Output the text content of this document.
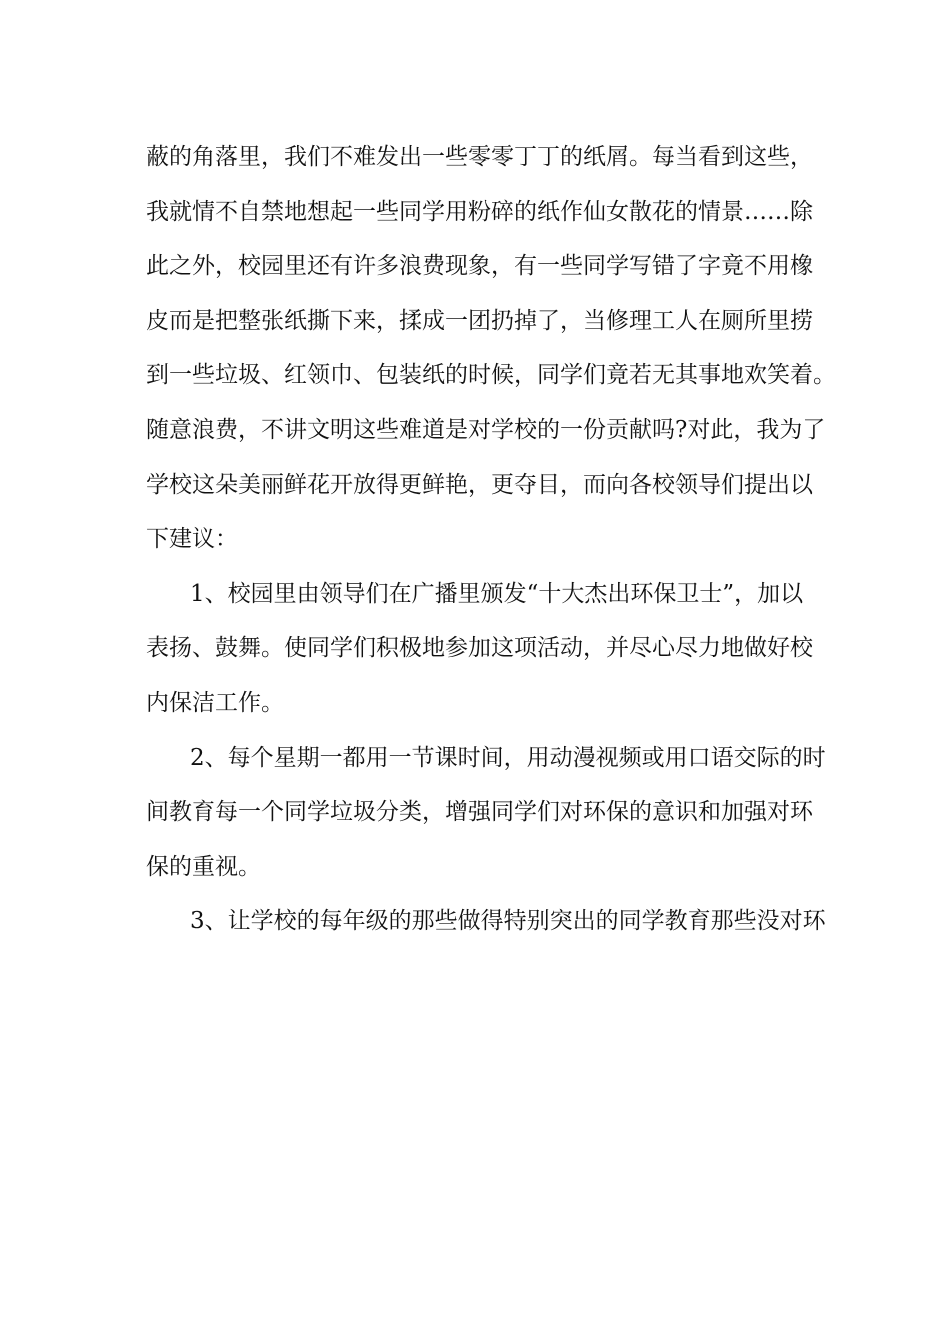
蔽的角落里，我们不难发出一些零零丁丁的纸屑。每当看到这些，
我就情不自禁地想起一些同学用粉碎的纸作仙女散花的情景……除
此之外，校园里还有许多浪费现象，有一些同学写错了字竟不用橡
皮而是把整张纸撕下来，揉成一团扔掉了，当修理工人在厕所里捞
到一些垃圾、红领巾、包装纸的时候，同学们竟若无其事地欢笑着。
随意浪费，不讲文明这些难道是对学校的一份贡献吗?对此，我为了
学校这朵美丽鲜花开放得更鲜艳，更夺目，而向各校领导们提出以
下建议：
1、校园里由领导们在广播里颁发“十大杰出环保卫士”，加以
表扬、鼓舞。使同学们积极地参加这项活动，并尽心尽力地做好校
内保洁工作。
2、每个星期一都用一节课时间，用动漫视频或用口语交际的时
间教育每一个同学垃圾分类，增强同学们对环保的意识和加强对环
保的重视。
3、让学校的每年级的那些做得特别突出的同学教育那些没对环
